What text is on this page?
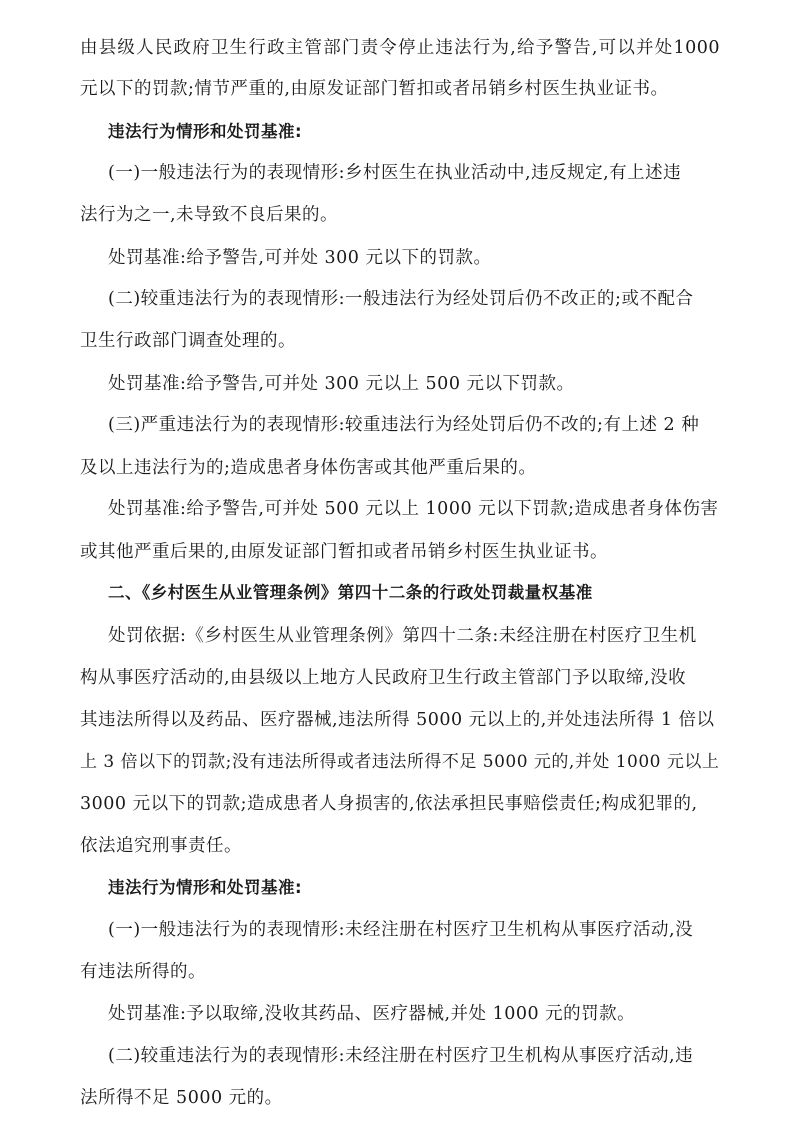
由县级人民政府卫生行政主管部门责令停止违法行为,给予警告,可以并处1000
元以下的罚款;情节严重的,由原发证部门暂扣或者吊销乡村医生执业证书。
违法行为情形和处罚基准:
(一)一般违法行为的表现情形:乡村医生在执业活动中,违反规定,有上述违
法行为之一,未导致不良后果的。
处罚基准:给予警告,可并处 300 元以下的罚款。
(二)较重违法行为的表现情形:一般违法行为经处罚后仍不改正的;或不配合
卫生行政部门调查处理的。
处罚基准:给予警告,可并处 300 元以上 500 元以下罚款。
(三)严重违法行为的表现情形:较重违法行为经处罚后仍不改的;有上述 2 种
及以上违法行为的;造成患者身体伤害或其他严重后果的。
处罚基准:给予警告,可并处 500 元以上 1000 元以下罚款;造成患者身体伤害
或其他严重后果的,由原发证部门暂扣或者吊销乡村医生执业证书。
二、《乡村医生从业管理条例》第四十二条的行政处罚裁量权基准
处罚依据:《乡村医生从业管理条例》第四十二条:未经注册在村医疗卫生机
构从事医疗活动的,由县级以上地方人民政府卫生行政主管部门予以取缔,没收
其违法所得以及药品、医疗器械,违法所得 5000 元以上的,并处违法所得 1 倍以
上 3 倍以下的罚款;没有违法所得或者违法所得不足 5000 元的,并处 1000 元以上
3000 元以下的罚款;造成患者人身损害的,依法承担民事赔偿责任;构成犯罪的,
依法追究刑事责任。
违法行为情形和处罚基准:
(一)一般违法行为的表现情形:未经注册在村医疗卫生机构从事医疗活动,没
有违法所得的。
处罚基准:予以取缔,没收其药品、医疗器械,并处 1000 元的罚款。
(二)较重违法行为的表现情形:未经注册在村医疗卫生机构从事医疗活动,违
法所得不足 5000 元的。
